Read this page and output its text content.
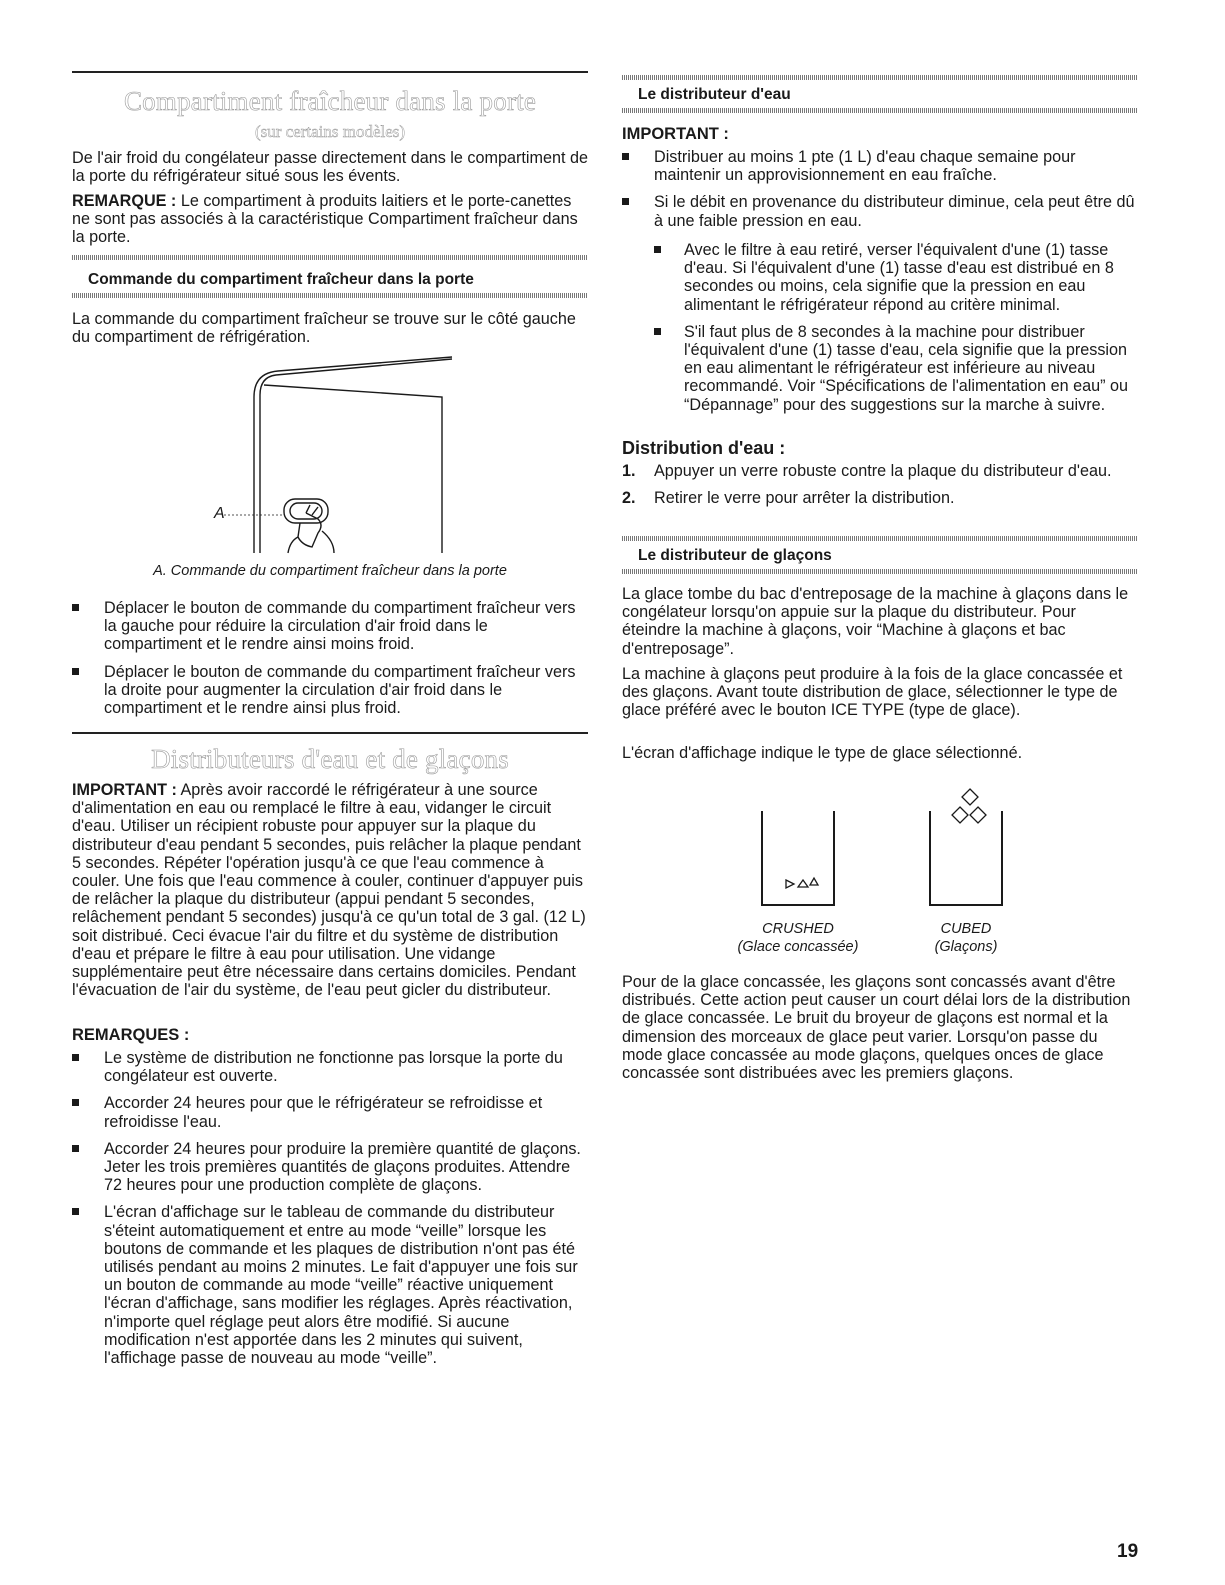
Compartiment fraîcheur dans la porte
(sur certains modèles)

De l'air froid du congélateur passe directement dans le compartiment de la porte du réfrigérateur situé sous les évents.

REMARQUE : Le compartiment à produits laitiers et le porte-canettes ne sont pas associés à la caractéristique Compartiment fraîcheur dans la porte.

Commande du compartiment fraîcheur dans la porte

La commande du compartiment fraîcheur se trouve sur le côté gauche du compartiment de réfrigération.

A
A. Commande du compartiment fraîcheur dans la porte
Déplacer le bouton de commande du compartiment fraîcheur vers la gauche pour réduire la circulation d'air froid dans le compartiment et le rendre ainsi moins froid.
Déplacer le bouton de commande du compartiment fraîcheur vers la droite pour augmenter la circulation d'air froid dans le compartiment et le rendre ainsi plus froid.
Distributeurs d'eau et de glaçons

IMPORTANT : Après avoir raccordé le réfrigérateur à une source d'alimentation en eau ou remplacé le filtre à eau, vidanger le circuit d'eau. Utiliser un récipient robuste pour appuyer sur la plaque du distributeur d'eau pendant 5 secondes, puis relâcher la plaque pendant 5 secondes. Répéter l'opération jusqu'à ce que l'eau commence à couler. Une fois que l'eau commence à couler, continuer d'appuyer puis de relâcher la plaque du distributeur (appui pendant 5 secondes, relâchement pendant 5 secondes) jusqu'à ce qu'un total de 3 gal. (12 L) soit distribué. Ceci évacue l'air du filtre et du système de distribution d'eau et prépare le filtre à eau pour utilisation. Une vidange supplémentaire peut être nécessaire dans certains domiciles. Pendant l'évacuation de l'air du système, de l'eau peut gicler du distributeur.

REMARQUES :
Le système de distribution ne fonctionne pas lorsque la porte du congélateur est ouverte.
Accorder 24 heures pour que le réfrigérateur se refroidisse et refroidisse l'eau.
Accorder 24 heures pour produire la première quantité de glaçons. Jeter les trois premières quantités de glaçons produites. Attendre 72 heures pour une production complète de glaçons.
L'écran d'affichage sur le tableau de commande du distributeur s'éteint automatiquement et entre au mode “veille” lorsque les boutons de commande et les plaques de distribution n'ont pas été utilisés pendant au moins 2 minutes. Le fait d'appuyer une fois sur un bouton de commande au mode “veille” réactive uniquement l'écran d'affichage, sans modifier les réglages. Après réactivation, n'importe quel réglage peut alors être modifié. Si aucune modification n'est apportée dans les 2 minutes qui suivent, l'affichage passe de nouveau au mode “veille”.
Le distributeur d'eau
IMPORTANT :
Distribuer au moins 1 pte (1 L) d'eau chaque semaine pour maintenir un approvisionnement en eau fraîche.
Si le débit en provenance du distributeur diminue, cela peut être dû à une faible pression en eau.
Avec le filtre à eau retiré, verser l'équivalent d'une (1) tasse d'eau. Si l'équivalent d'une (1) tasse d'eau est distribué en 8 secondes ou moins, cela signifie que la pression en eau alimentant le réfrigérateur répond au critère minimal.
S'il faut plus de 8 secondes à la machine pour distribuer l'équivalent d'une (1) tasse d'eau, cela signifie que la pression en eau alimentant le réfrigérateur est inférieure au niveau recommandé. Voir “Spécifications de l'alimentation en eau” ou “Dépannage” pour des suggestions sur la marche à suivre.
Distribution d'eau :
1. Appuyer un verre robuste contre la plaque du distributeur d'eau.
2. Retirer le verre pour arrêter la distribution.
Le distributeur de glaçons

La glace tombe du bac d'entreposage de la machine à glaçons dans le congélateur lorsqu'on appuie sur la plaque du distributeur. Pour éteindre la machine à glaçons, voir “Machine à glaçons et bac d'entreposage”.

La machine à glaçons peut produire à la fois de la glace concassée et des glaçons. Avant toute distribution de glace, sélectionner le type de glace préféré avec le bouton ICE TYPE (type de glace).

L'écran d'affichage indique le type de glace sélectionné.

CRUSHED
(Glace concassée)
CUBED
(Glaçons)

Pour de la glace concassée, les glaçons sont concassés avant d'être distribués. Cette action peut causer un court délai lors de la distribution de glace concassée. Le bruit du broyeur de glaçons est normal et la dimension des morceaux de glace peut varier. Lorsqu'on passe du mode glace concassée au mode glaçons, quelques onces de glace concassée sont distribuées avec les premiers glaçons.

19
